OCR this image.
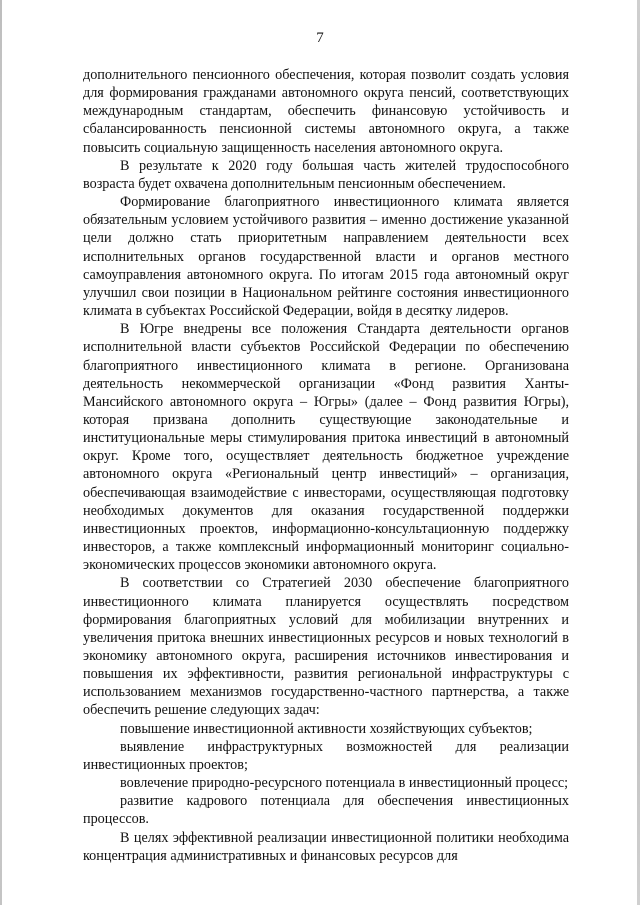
7

дополнительного пенсионного обеспечения, которая позволит создать условия для формирования гражданами автономного округа пенсий, соответствующих международным стандартам, обеспечить финансовую устойчивость и сбалансированность пенсионной системы автономного округа, а также повысить социальную защищенность населения автономного округа.

В результате к 2020 году большая часть жителей трудоспособного возраста будет охвачена дополнительным пенсионным обеспечением.

Формирование благоприятного инвестиционного климата является обязательным условием устойчивого развития – именно достижение указанной цели должно стать приоритетным направлением деятельности всех исполнительных органов государственной власти и органов местного самоуправления автономного округа. По итогам 2015 года автономный округ улучшил свои позиции в Национальном рейтинге состояния инвестиционного климата в субъектах Российской Федерации, войдя в десятку лидеров.

В Югре внедрены все положения Стандарта деятельности органов исполнительной власти субъектов Российской Федерации по обеспечению благоприятного инвестиционного климата в регионе. Организована деятельность некоммерческой организации «Фонд развития Ханты-Мансийского автономного округа – Югры» (далее – Фонд развития Югры), которая призвана дополнить существующие законодательные и институциональные меры стимулирования притока инвестиций в автономный округ. Кроме того, осуществляет деятельность бюджетное учреждение автономного округа «Региональный центр инвестиций» – организация, обеспечивающая взаимодействие с инвесторами, осуществляющая подготовку необходимых документов для оказания государственной поддержки инвестиционных проектов, информационно-консультационную поддержку инвесторов, а также комплексный информационный мониторинг социально-экономических процессов экономики автономного округа.

В соответствии со Стратегией 2030 обеспечение благоприятного инвестиционного климата планируется осуществлять посредством формирования благоприятных условий для мобилизации внутренних и увеличения притока внешних инвестиционных ресурсов и новых технологий в экономику автономного округа, расширения источников инвестирования и повышения их эффективности, развития региональной инфраструктуры с использованием механизмов государственно-частного партнерства, а также обеспечить решение следующих задач:

повышение инвестиционной активности хозяйствующих субъектов;

выявление инфраструктурных возможностей для реализации инвестиционных проектов;

вовлечение природно-ресурсного потенциала в инвестиционный процесс;

развитие кадрового потенциала для обеспечения инвестиционных процессов.

В целях эффективной реализации инвестиционной политики необходима концентрация административных и финансовых ресурсов для
